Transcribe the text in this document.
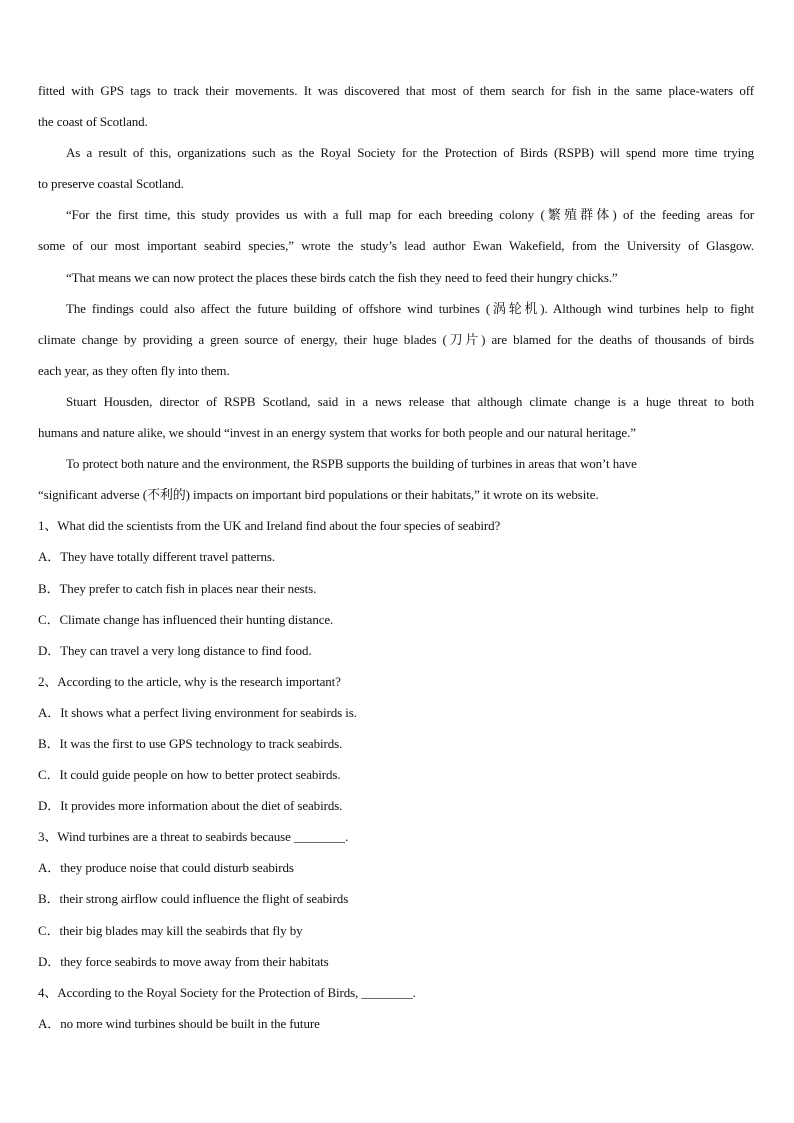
fitted with GPS tags to track their movements. It was discovered that most of them search for fish in the same place-waters off
the coast of Scotland.
As a result of this, organizations such as the Royal Society for the Protection of Birds (RSPB) will spend more time trying
to preserve coastal Scotland.
“For the first time, this study provides us with a full map for each breeding colony (繁殖群体) of the feeding areas for
some of our most important seabird species,” wrote the study’s lead author Ewan Wakefield, from the University of Glasgow.
“That means we can now protect the places these birds catch the fish they need to feed their hungry chicks.”
The findings could also affect the future building of offshore wind turbines (涡轮机). Although wind turbines help to fight
climate change by providing a green source of energy, their huge blades (刀片) are blamed for the deaths of thousands of birds
each year, as they often fly into them.
Stuart Housden, director of RSPB Scotland, said in a news release that although climate change is a huge threat to both
humans and nature alike, we should “invest in an energy system that works for both people and our natural heritage.”
To protect both nature and the environment, the RSPB supports the building of turbines in areas that won’t have
“significant adverse (不利的) impacts on important bird populations or their habitats,” it wrote on its website.
1、What did the scientists from the UK and Ireland find about the four species of seabird?
A．They have totally different travel patterns.
B．They prefer to catch fish in places near their nests.
C．Climate change has influenced their hunting distance.
D．They can travel a very long distance to find food.
2、According to the article, why is the research important?
A．It shows what a perfect living environment for seabirds is.
B．It was the first to use GPS technology to track seabirds.
C．It could guide people on how to better protect seabirds.
D．It provides more information about the diet of seabirds.
3、Wind turbines are a threat to seabirds because ________.
A．they produce noise that could disturb seabirds
B．their strong airflow could influence the flight of seabirds
C．their big blades may kill the seabirds that fly by
D．they force seabirds to move away from their habitats
4、According to the Royal Society for the Protection of Birds, ________.
A．no more wind turbines should be built in the future
